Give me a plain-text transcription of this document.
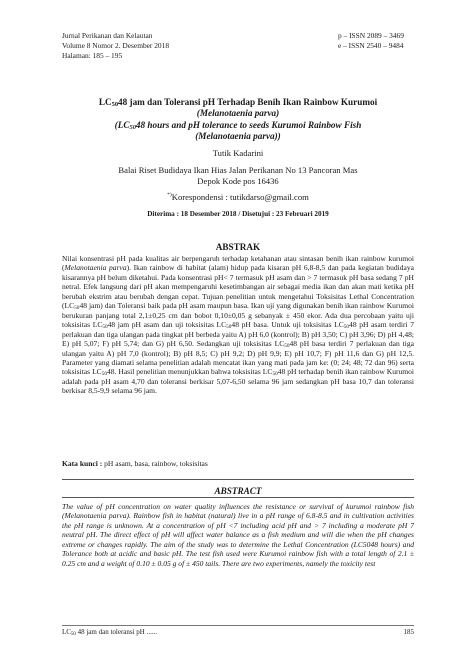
Jurnal Perikanan dan Kelautan
Volume 8 Nomor 2. Desember 2018
Halaman: 185 – 195
p – ISSN 2089 – 3469
e – ISSN 2540 – 9484
$LC_{50}48$ jam dan Toleransi pH Terhadap Benih Ikan Rainbow Kurumoi
(Melanotaenia parva)
($LC_{50}48$ hours and pH tolerance to seeds Kurumoi Rainbow Fish
(Melanotaenia parva))
Tutik Kadarini
Balai Riset Budidaya Ikan Hias Jalan Perikanan No 13 Pancoran Mas
Depok Kode pos 16436
*)Korespondensi : tutikdarso@gmail.com
Diterima : 18 Desember 2018 / Disetujui : 23 Februari 2019
ABSTRAK
Nilai konsentrasi pH pada kualitas air berpengaruh terhadap ketahanan atau sintasan benih ikan rainbow kurumoi (Melanotaenia parva). Ikan rainbow di habitat (alam) hidup pada kisaran pH 6,8-8,5 dan pada kegiatan budidaya kisarannya pH belum diketahui. Pada konsentrasi pH< 7 termasuk pH asam dan > 7 termasuk pH basa sedang 7 pH netral. Efek langsung dari pH akan mempengaruhi kesetimbangan air sebagai media ikan dan akan mati ketika pH berubah ekstrim atau berubah dengan cepat. Tujuan penelitian untuk mengetahui Toksisitas Lethal Concentration ($LC_{50}48$ jam) dan Toleransi baik pada pH asam maupun basa. Ikan uji yang digunakan benih ikan rainbow Kurumoi berukuran panjang total 2,1±0,25 cm dan bobot 0,10±0,05 g sebanyak ± 450 ekor. Ada dua percobaan yaitu uji toksisitas $LC_{50}48$ jam pH asam dan uji toksisitas $LC_{50}48$ pH basa. Untuk uji toksisitas $LC_{50}48$ pH asam terdiri 7 perlakuan dan tiga ulangan pada tingkat pH berbeda yaitu A) pH 6,0 (kontrol); B) pH 3,50; C) pH 3,96; D) pH 4,48; E) pH 5,07; F) pH 5,74; dan G) pH 6,50. Sedangkan uji toksisitas $LC_{50}48$ pH basa terdiri 7 perlakuan dan tiga ulangan yaitu A) pH 7,0 (kontrol); B) pH 8,5; C) pH 9,2; D) pH 9,9; E) pH 10,7; F) pH 11,6 dan G) pH 12,5. Parameter yang diamati selama penelitian adalah mencatat ikan yang mati pada jam ke: (0; 24; 48; 72 dan 96) serta toksisitas $LC_{50}48$. Hasil penelitian menunjukkan bahwa toksisitas $LC_{50}48$ pH terhadap benih ikan rainbow Kurumoi adalah pada pH asam 4,70 dan toleransi berkisar 5,07-6,50 selama 96 jam sedangkan pH basa 10,7 dan toleransi berkisar 8,5-9,9 selama 96 jam.
Kata kunci : pH asam, basa, rainbow, toksisitas
ABSTRACT
The value of pH concentration on water quality influences the resistance or survival of kurumoi rainbow fish (Melanotaenia parva). Rainbow fish in habitat (natural) live in a pH range of 6.8-8.5 and in cultivation activities the pH range is unknown. At a concentration of pH <7 including acid pH and > 7 including a moderate pH 7 neutral pH. The direct effect of pH will affect water balance as a fish medium and will die when the pH changes extreme or changes rapidly. The aim of the study was to determine the Lethal Concentration (LC5048 hours) and Tolerance both at acidic and basic pH. The test fish used were Kurumoi rainbow fish with a total length of 2.1 ± 0.25 cm and a weight of 0.10 ± 0.05 g of ± 450 tails. There are two experiments, namely the toxicity test
$LC_{50}$ 48 jam dan toleransi pH ......	185
